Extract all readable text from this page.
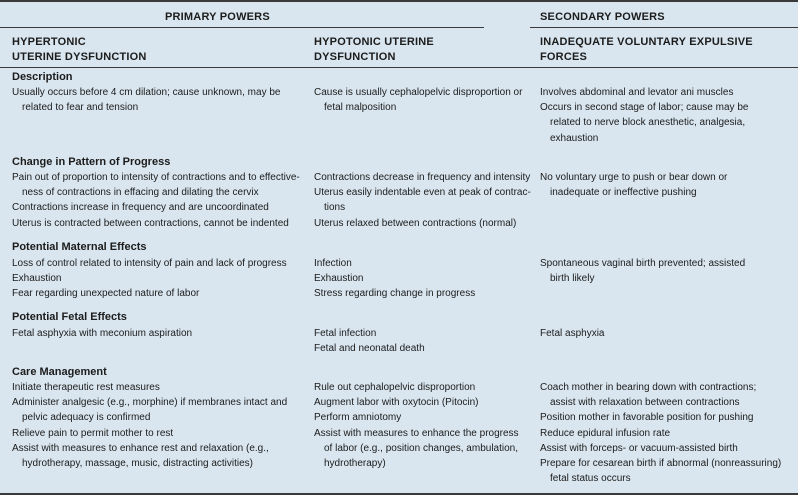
PRIMARY POWERS	SECONDARY POWERS
HYPERTONIC
UTERINE DYSFUNCTION
HYPOTONIC UTERINE
DYSFUNCTION
INADEQUATE VOLUNTARY EXPULSIVE
FORCES
Description
Usually occurs before 4 cm dilation; cause unknown, may be

related to fear and tension
Cause is usually cephalopelvic disproportion or

fetal malposition
Involves abdominal and levator ani muscles
Occurs in second stage of labor; cause may be

related to nerve block anesthetic, analgesia,
exhaustion
Change in Pattern of Progress
Pain out of proportion to intensity of contractions and to effective-

ness of contractions in effacing and dilating the cervix
Contractions increase in frequency and are uncoordinated
Uterus is contracted between contractions, cannot be indented
Contractions decrease in frequency and intensity
Uterus easily indentable even at peak of contrac-

tions
Uterus relaxed between contractions (normal)
No voluntary urge to push or bear down or

inadequate or ineffective pushing
Potential Maternal Effects
Loss of control related to intensity of pain and lack of progress
Exhaustion
Fear regarding unexpected nature of labor
Infection
Exhaustion
Stress regarding change in progress
Spontaneous vaginal birth prevented; assisted

birth likely
Potential Fetal Effects
Fetal asphyxia with meconium aspiration	Fetal infection
Fetal and neonatal death
Fetal asphyxia
Care Management
Initiate therapeutic rest measures
Administer analgesic (e.g., morphine) if membranes intact and

pelvic adequacy is confirmed
Relieve pain to permit mother to rest
Assist with measures to enhance rest and relaxation (e.g.,

hydrotherapy, massage, music, distracting activities)
Rule out cephalopelvic disproportion
Augment labor with oxytocin (Pitocin)
Perform amniotomy
Assist with measures to enhance the progress

of labor (e.g., position changes, ambulation,
hydrotherapy)
Coach mother in bearing down with contractions;

assist with relaxation between contractions
Position mother in favorable position for pushing
Reduce epidural infusion rate
Assist with forceps- or vacuum-assisted birth
Prepare for cesarean birth if abnormal (nonreassuring)

fetal status occurs
